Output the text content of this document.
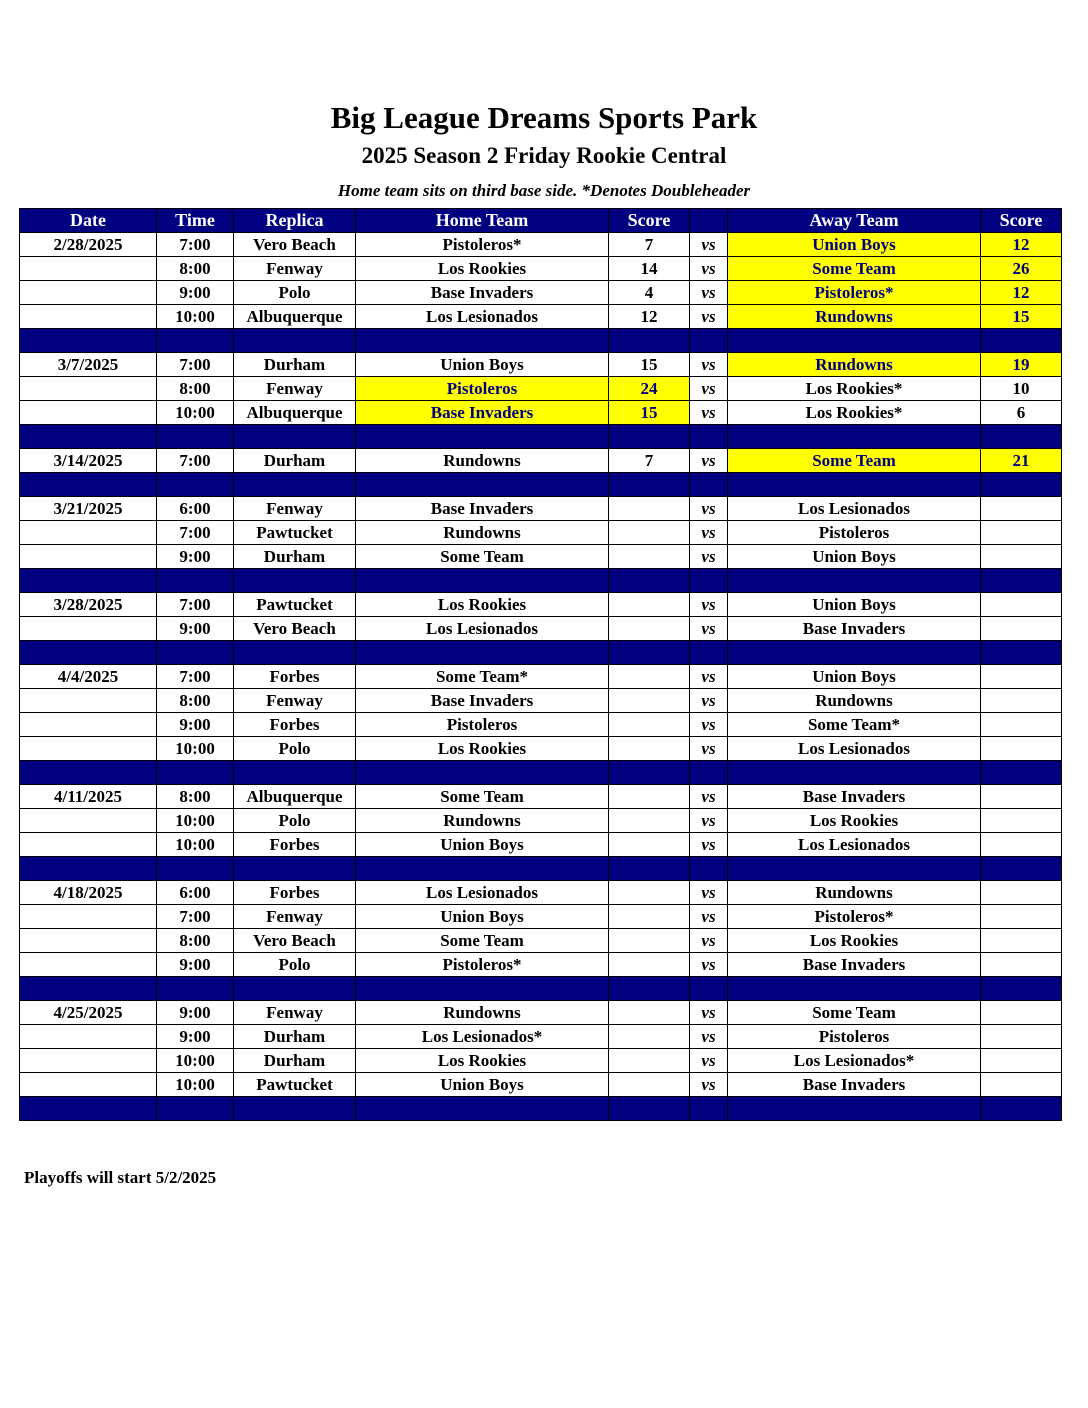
Big League Dreams Sports Park
2025 Season 2 Friday Rookie Central
Home team sits on third base side. *Denotes Doubleheader
Date	Time	Replica	Home Team	Score		Away Team	Score
2/28/2025	7:00	Vero Beach	Pistoleros*	7	vs	Union Boys	12
	8:00	Fenway	Los Rookies	14	vs	Some Team	26
	9:00	Polo	Base Invaders	4	vs	Pistoleros*	12
	10:00	Albuquerque	Los Lesionados	12	vs	Rundowns	15

3/7/2025	7:00	Durham	Union Boys	15	vs	Rundowns	19
	8:00	Fenway	Pistoleros	24	vs	Los Rookies*	10
	10:00	Albuquerque	Base Invaders	15	vs	Los Rookies*	6

3/14/2025	7:00	Durham	Rundowns	7	vs	Some Team	21

3/21/2025	6:00	Fenway	Base Invaders		vs	Los Lesionados	
	7:00	Pawtucket	Rundowns		vs	Pistoleros	
	9:00	Durham	Some Team		vs	Union Boys	

3/28/2025	7:00	Pawtucket	Los Rookies		vs	Union Boys	
	9:00	Vero Beach	Los Lesionados		vs	Base Invaders	

4/4/2025	7:00	Forbes	Some Team*		vs	Union Boys	
	8:00	Fenway	Base Invaders		vs	Rundowns	
	9:00	Forbes	Pistoleros		vs	Some Team*	
	10:00	Polo	Los Rookies		vs	Los Lesionados	

4/11/2025	8:00	Albuquerque	Some Team		vs	Base Invaders	
	10:00	Polo	Rundowns		vs	Los Rookies	
	10:00	Forbes	Union Boys		vs	Los Lesionados	

4/18/2025	6:00	Forbes	Los Lesionados		vs	Rundowns	
	7:00	Fenway	Union Boys		vs	Pistoleros*	
	8:00	Vero Beach	Some Team		vs	Los Rookies	
	9:00	Polo	Pistoleros*		vs	Base Invaders	

4/25/2025	9:00	Fenway	Rundowns		vs	Some Team	
	9:00	Durham	Los Lesionados*		vs	Pistoleros	
	10:00	Durham	Los Rookies		vs	Los Lesionados*	
	10:00	Pawtucket	Union Boys		vs	Base Invaders	

Playoffs will start 5/2/2025
